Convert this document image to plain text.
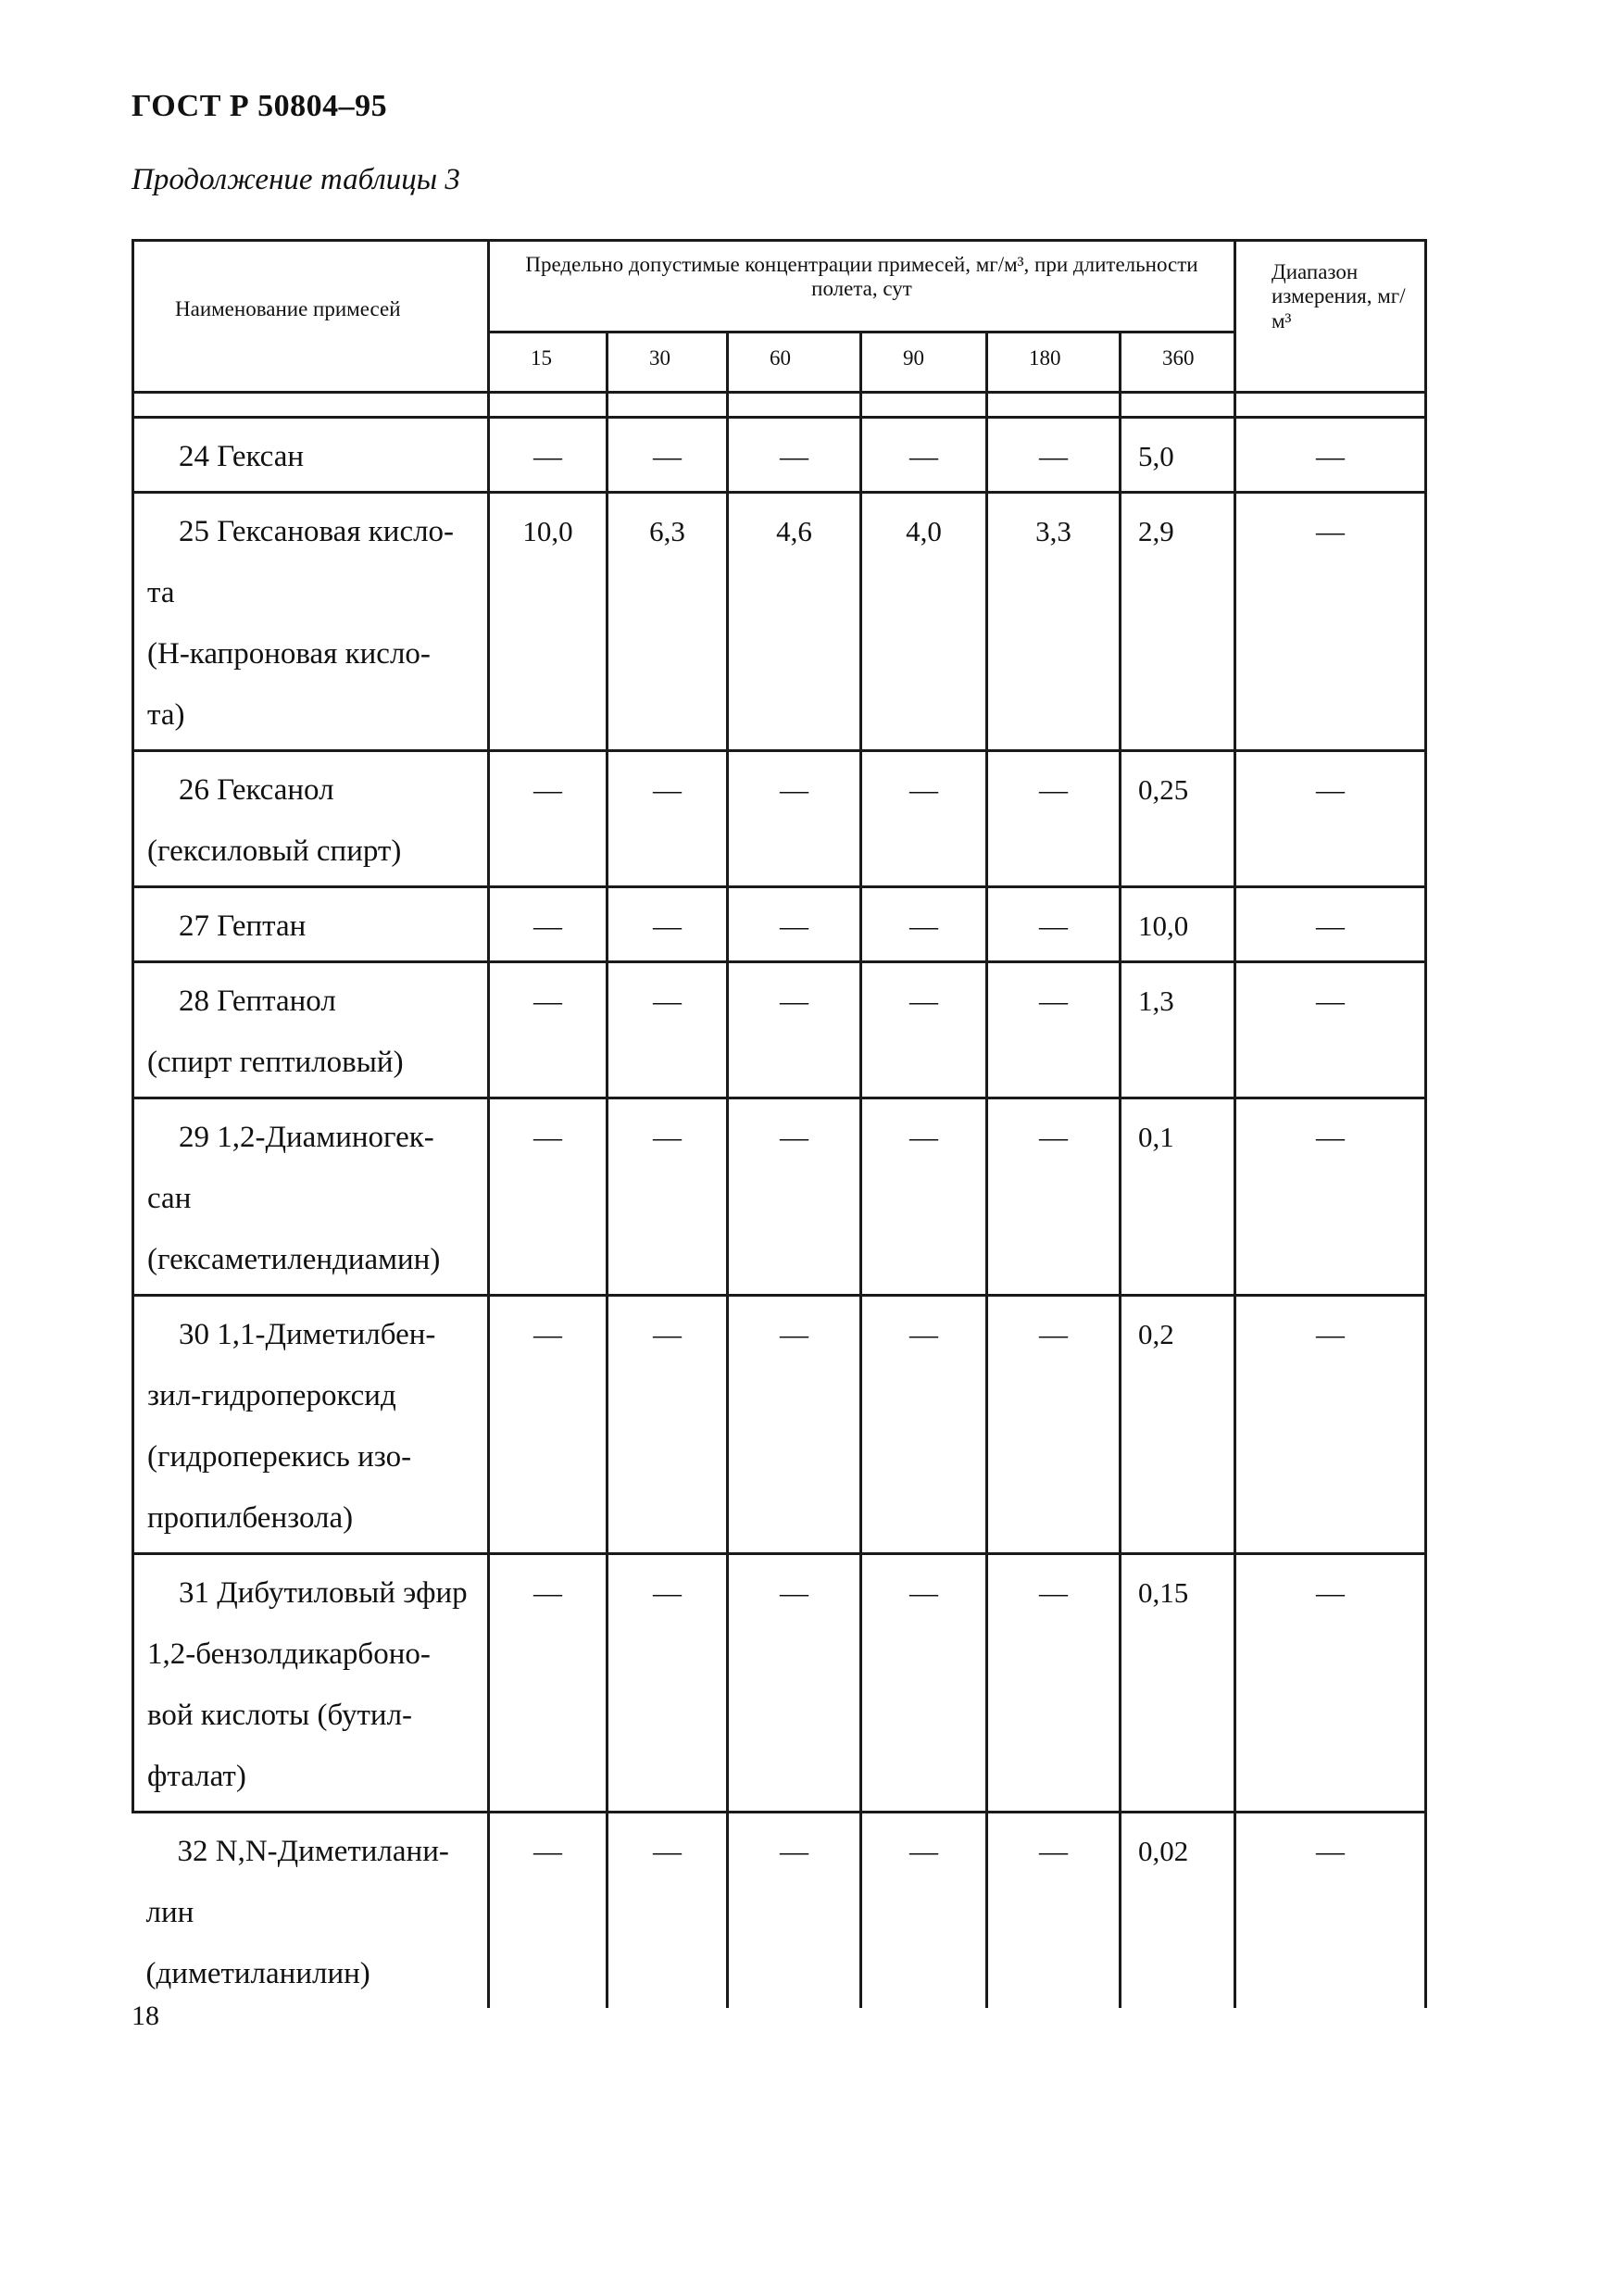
ГОСТ Р 50804–95
Продолжение таблицы 3
Наименование примесей	Предельно допустимые концентрации примесей, мг/м³, при длительности полета, сут						Диапазон измерения, мг/м³
	15	30	60	90	180	360	

24 Гексан	—	—	—	—	—	5,0	—

25 Гексановая кисло-
та
(Н-капроновая кисло-
та)	10,0	6,3	4,6	4,0	3,3	2,9	—

26 Гексанол
(гексиловый спирт)	—	—	—	—	—	0,25	—

27 Гептан	—	—	—	—	—	10,0	—

28 Гептанол
(спирт гептиловый)	—	—	—	—	—	1,3	—

29 1,2-Диаминогек-
сан
(гексаметилендиамин)	—	—	—	—	—	0,1	—

30 1,1-Диметилбен-
зил-гидропероксид
(гидроперекись изо-
пропилбензола)	—	—	—	—	—	0,2	—

31 Дибутиловый эфир
1,2-бензолдикарбоно-
вой кислоты (бутил-
фталат)	—	—	—	—	—	0,15	—

32 N,N-Диметилани-
лин
(диметиланилин)	—	—	—	—	—	0,02	—
18
